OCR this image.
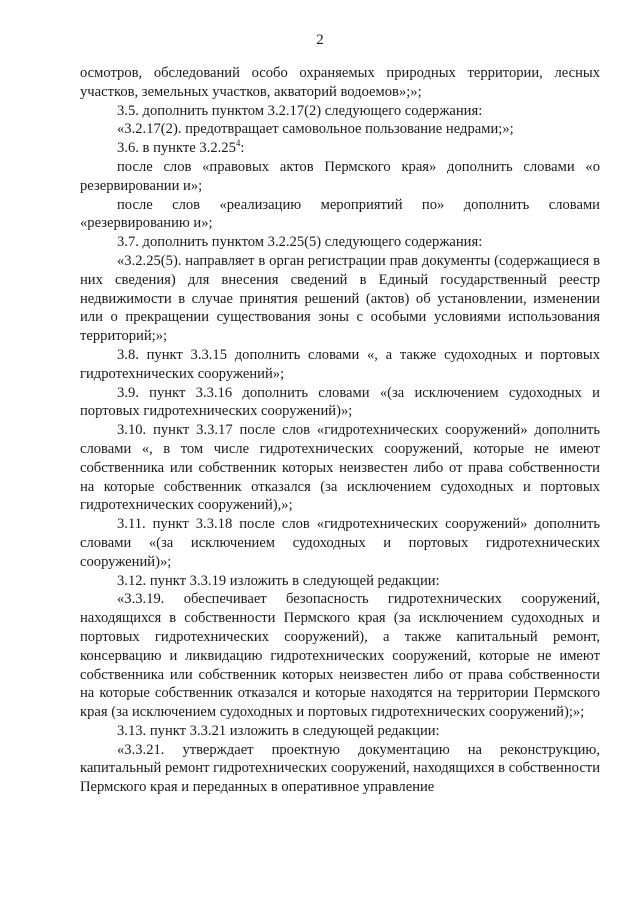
2

осмотров, обследований особо охраняемых природных территории, лесных участков, земельных участков, акваторий водоемов»;»;

3.5. дополнить пунктом 3.2.17(2) следующего содержания:

«3.2.17(2). предотвращает самовольное пользование недрами;»;

3.6. в пункте 3.2.25$^4$:

после слов «правовых актов Пермского края» дополнить словами «о резервировании и»;

после слов «реализацию мероприятий по» дополнить словами «резервированию и»;

3.7. дополнить пунктом 3.2.25(5) следующего содержания:

«3.2.25(5). направляет в орган регистрации прав документы (содержащиеся в них сведения) для внесения сведений в Единый государственный реестр недвижимости в случае принятия решений (актов) об установлении, изменении или о прекращении существования зоны с особыми условиями использования территорий;»;

3.8. пункт 3.3.15 дополнить словами «, а также судоходных и портовых гидротехнических сооружений»;

3.9. пункт 3.3.16 дополнить словами «(за исключением судоходных и портовых гидротехнических сооружений)»;

3.10. пункт 3.3.17 после слов «гидротехнических сооружений» дополнить словами «, в том числе гидротехнических сооружений, которые не имеют собственника или собственник которых неизвестен либо от права собственности на которые собственник отказался (за исключением судоходных и портовых гидротехнических сооружений),»;

3.11. пункт 3.3.18 после слов «гидротехнических сооружений» дополнить словами «(за исключением судоходных и портовых гидротехнических сооружений)»;

3.12. пункт 3.3.19 изложить в следующей редакции:

«3.3.19. обеспечивает безопасность гидротехнических сооружений, находящихся в собственности Пермского края (за исключением судоходных и портовых гидротехнических сооружений), а также капитальный ремонт, консервацию и ликвидацию гидротехнических сооружений, которые не имеют собственника или собственник которых неизвестен либо от права собственности на которые собственник отказался и которые находятся на территории Пермского края (за исключением судоходных и портовых гидротехнических сооружений);»;

3.13. пункт 3.3.21 изложить в следующей редакции:

«3.3.21. утверждает проектную документацию на реконструкцию, капитальный ремонт гидротехнических сооружений, находящихся в собственности Пермского края и переданных в оперативное управление
